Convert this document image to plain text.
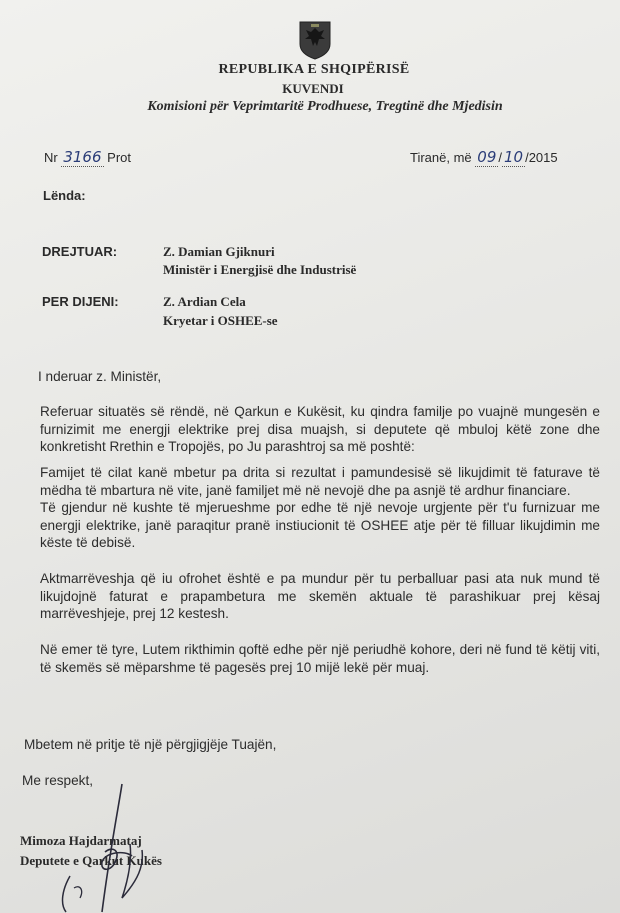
REPUBLIKA E SHQIPËRISË
KUVENDI
Komisioni për Veprimtaritë Prodhuese, Tregtinë dhe Mjedisin
Nr 3166 Prot	Tiranë, më 09 / 10 /2015
Lënda:
DREJTUAR:	Z. Damian Gjiknuri
Ministër i Energjisë dhe Industrisë
PER DIJENI:	Z. Ardian Cela
Kryetar i OSHEE-se
I nderuar z. Ministër,
Referuar situatës së rëndë, në Qarkun e Kukësit, ku qindra familje po vuajnë mungesën e furnizimit me energji elektrike prej disa muajsh, si deputete që mbuloj këtë zone dhe konkretisht Rrethin e Tropojës, po Ju parashtroj sa më poshtë:
Famijet të cilat kanë mbetur pa drita si rezultat i pamundesisë së likujdimit të faturave të mëdha të mbartura në vite, janë familjet më në nevojë dhe pa asnjë të ardhur financiare.
Të gjendur në kushte të mjerueshme por edhe të një nevoje urgjente për t'u furnizuar me energji elektrike, janë paraqitur pranë instiucionit të OSHEE atje për të filluar likujdimin me këste të debisë.
Aktmarrëveshja që iu ofrohet është e pa mundur për tu perballuar pasi ata nuk mund të likujdojnë faturat e prapambetura me skemën aktuale të parashikuar prej kësaj marrëveshjeje, prej 12 kestesh.
Në emer të tyre, Lutem rikthimin qoftë edhe për një periudhë kohore, deri në fund të këtij viti, të skemës së mëparshme të pagesës prej 10 mijë lekë për muaj.
Mbetem në pritje të një përgjigjëje Tuajën,
Me respekt,
Mimoza Hajdarmataj
Deputete e Qarkut Kukës
